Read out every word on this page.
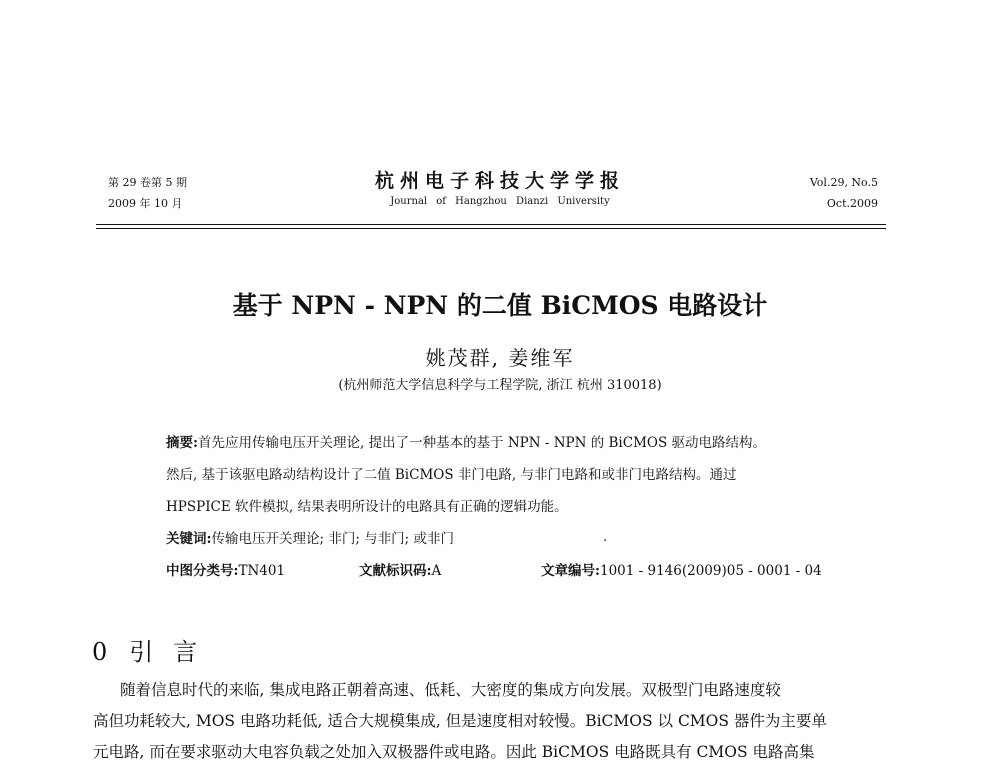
第 29 卷第 5 期
2009 年 10 月
杭州电子科技大学学报
Journal of Hangzhou Dianzi University
Vol.29, No.5
Oct.2009
基于 NPN - NPN 的二值 BiCMOS 电路设计
姚茂群, 姜维军
(杭州师范大学信息科学与工程学院, 浙江 杭州 310018)
摘要:首先应用传输电压开关理论, 提出了一种基本的基于 NPN - NPN 的 BiCMOS 驱动电路结构。
然后, 基于该驱电路动结构设计了二值 BiCMOS 非门电路, 与非门电路和或非门电路结构。通过
HPSPICE 软件模拟, 结果表明所设计的电路具有正确的逻辑功能。
关键词:传输电压开关理论; 非门; 与非门; 或非门	.
中图分类号:TN401	文献标识码:A	文章编号:1001 - 9146(2009)05 - 0001 - 04
0 引言
随着信息时代的来临, 集成电路正朝着高速、低耗、大密度的集成方向发展。双极型门电路速度较
高但功耗较大, MOS 电路功耗低, 适合大规模集成, 但是速度相对较慢。BiCMOS 以 CMOS 器件为主要单
元电路, 而在要求驱动大电容负载之处加入双极器件或电路。因此 BiCMOS 电路既具有 CMOS 电路高集
